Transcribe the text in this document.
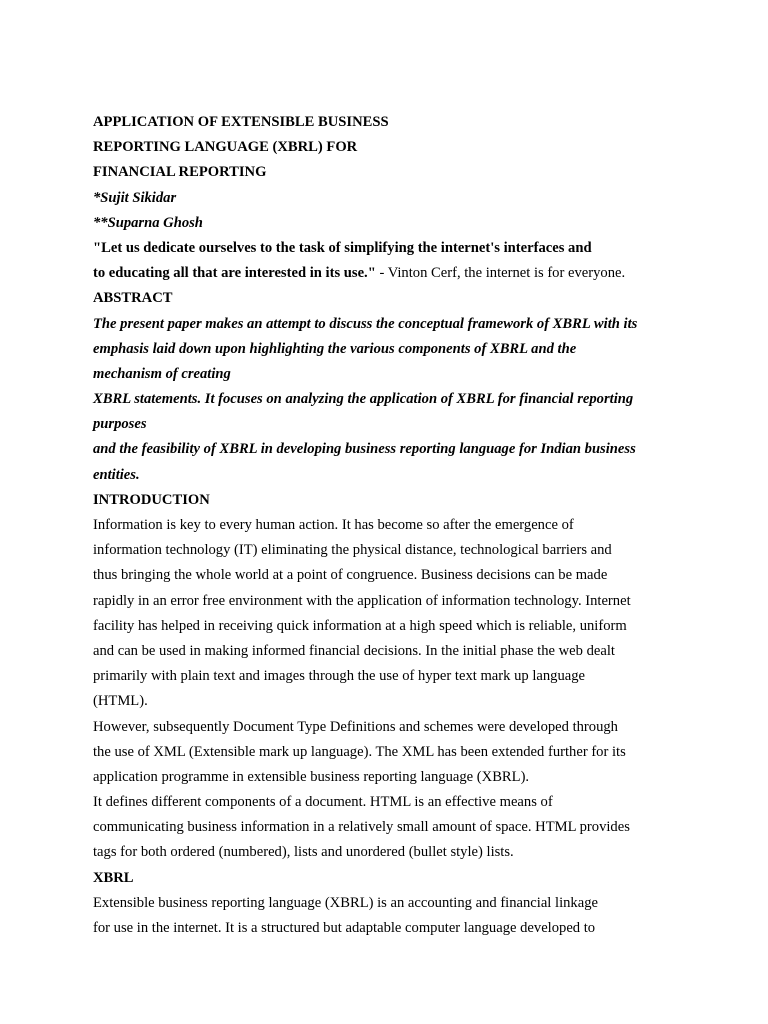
APPLICATION OF EXTENSIBLE BUSINESS
REPORTING LANGUAGE (XBRL) FOR
FINANCIAL REPORTING
*Sujit Sikidar
**Suparna Ghosh
"Let us dedicate ourselves to the task of simplifying the internet's interfaces and
to educating all that are interested in its use." - Vinton Cerf, the internet is for everyone.
ABSTRACT
The present paper makes an attempt to discuss the conceptual framework of XBRL with its
emphasis laid down upon highlighting the various components of XBRL and the
mechanism of creating
XBRL statements. It focuses on analyzing the application of XBRL for financial reporting
purposes
and the feasibility of XBRL in developing business reporting language for Indian business
entities.
INTRODUCTION
Information is key to every human action. It has become so after the emergence of
information technology (IT) eliminating the physical distance, technological barriers and
thus bringing the whole world at a point of congruence. Business decisions can be made
rapidly in an error free environment with the application of information technology. Internet
facility has helped in receiving quick information at a high speed which is reliable, uniform
and can be used in making informed financial decisions. In the initial phase the web dealt
primarily with plain text and images through the use of hyper text mark up language
(HTML).
However, subsequently Document Type Definitions and schemes were developed through
the use of XML (Extensible mark up language). The XML has been extended further for its
application programme in extensible business reporting language (XBRL).
It defines different components of a document. HTML is an effective means of
communicating business information in a relatively small amount of space. HTML provides
tags for both ordered (numbered), lists and unordered (bullet style) lists.
XBRL
Extensible business reporting language (XBRL) is an accounting and financial linkage
for use in the internet. It is a structured but adaptable computer language developed to
